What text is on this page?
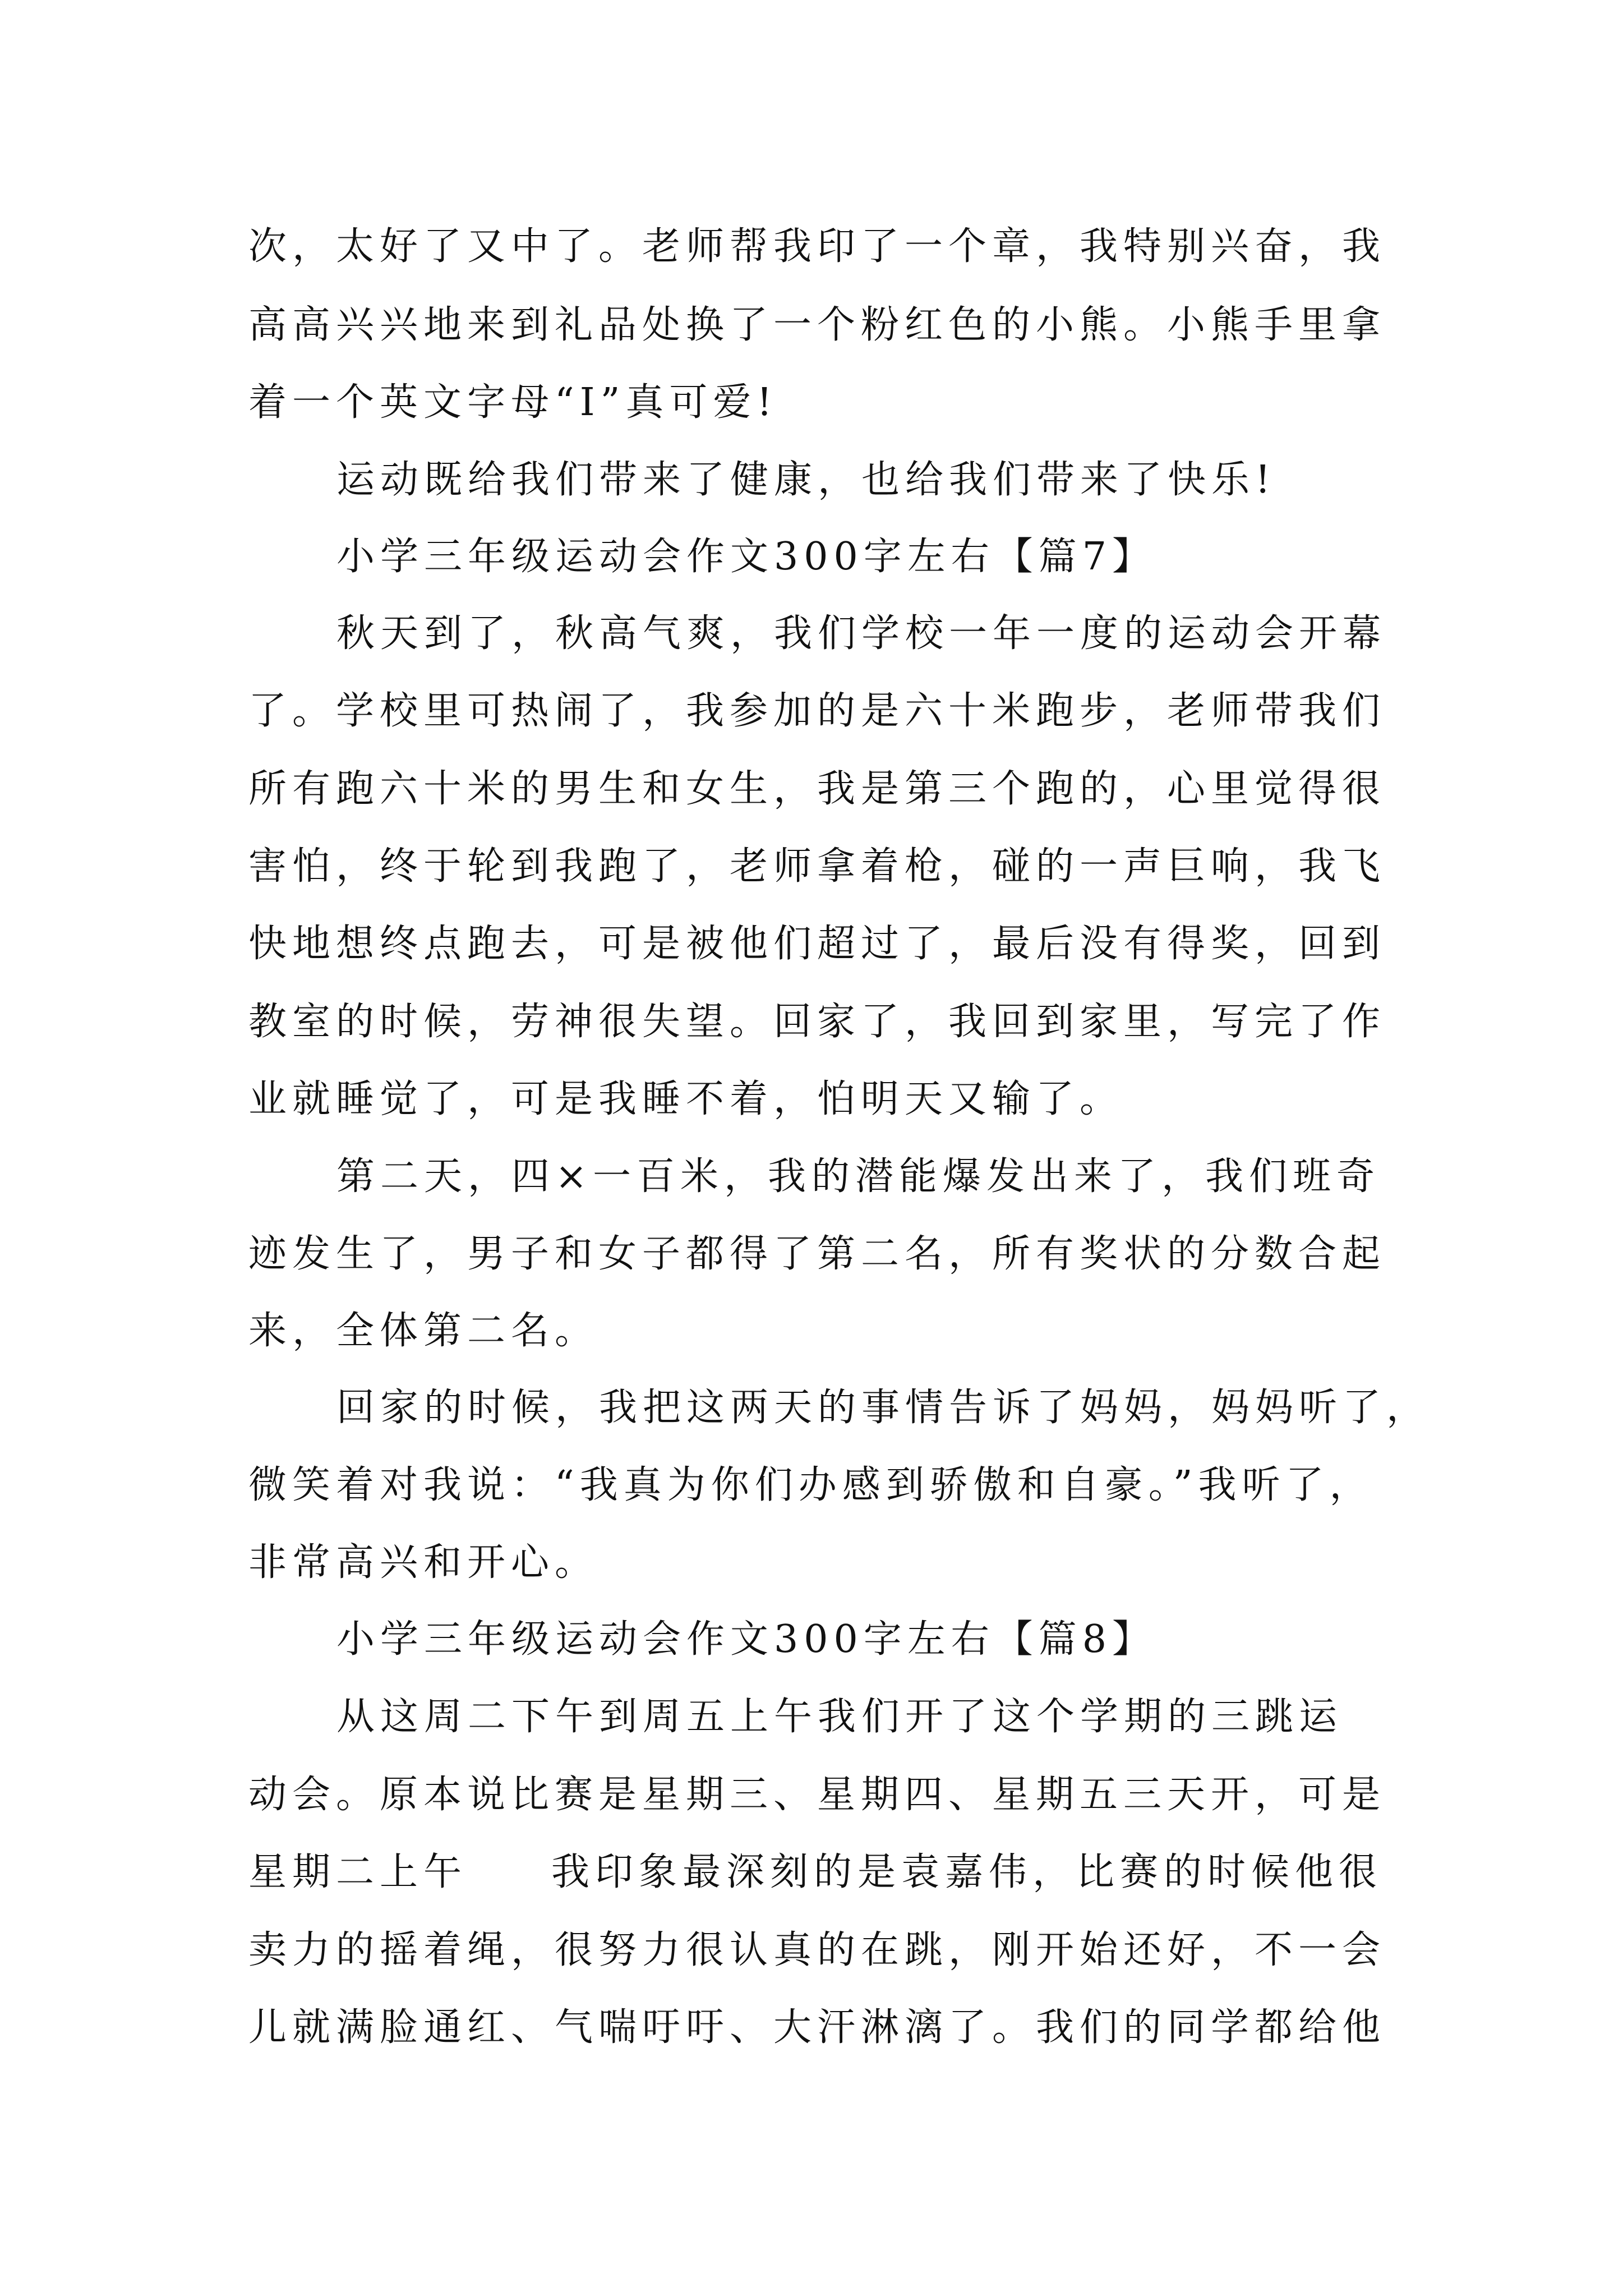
次，太好了又中了。老师帮我印了一个章，我特别兴奋，我
高高兴兴地来到礼品处换了一个粉红色的小熊。小熊手里拿
着一个英文字母“I”真可爱!
运动既给我们带来了健康，也给我们带来了快乐!
小学三年级运动会作文300字左右【篇7】
秋天到了，秋高气爽，我们学校一年一度的运动会开幕
了。学校里可热闹了，我参加的是六十米跑步，老师带我们
所有跑六十米的男生和女生，我是第三个跑的，心里觉得很
害怕，终于轮到我跑了，老师拿着枪，碰的一声巨响，我飞
快地想终点跑去，可是被他们超过了，最后没有得奖，回到
教室的时候，劳神很失望。回家了，我回到家里，写完了作
业就睡觉了，可是我睡不着，怕明天又输了。
第二天，四×一百米，我的潜能爆发出来了，我们班奇
迹发生了，男子和女子都得了第二名，所有奖状的分数合起
来，全体第二名。
回家的时候，我把这两天的事情告诉了妈妈，妈妈听了，
微笑着对我说：“我真为你们办感到骄傲和自豪。”我听了，
非常高兴和开心。
小学三年级运动会作文300字左右【篇8】
从这周二下午到周五上午我们开了这个学期的三跳运
动会。原本说比赛是星期三、星期四、星期五三天开，可是
星期二上午 我印象最深刻的是袁嘉伟，比赛的时候他很
卖力的摇着绳，很努力很认真的在跳，刚开始还好，不一会
儿就满脸通红、气喘吁吁、大汗淋漓了。我们的同学都给他
